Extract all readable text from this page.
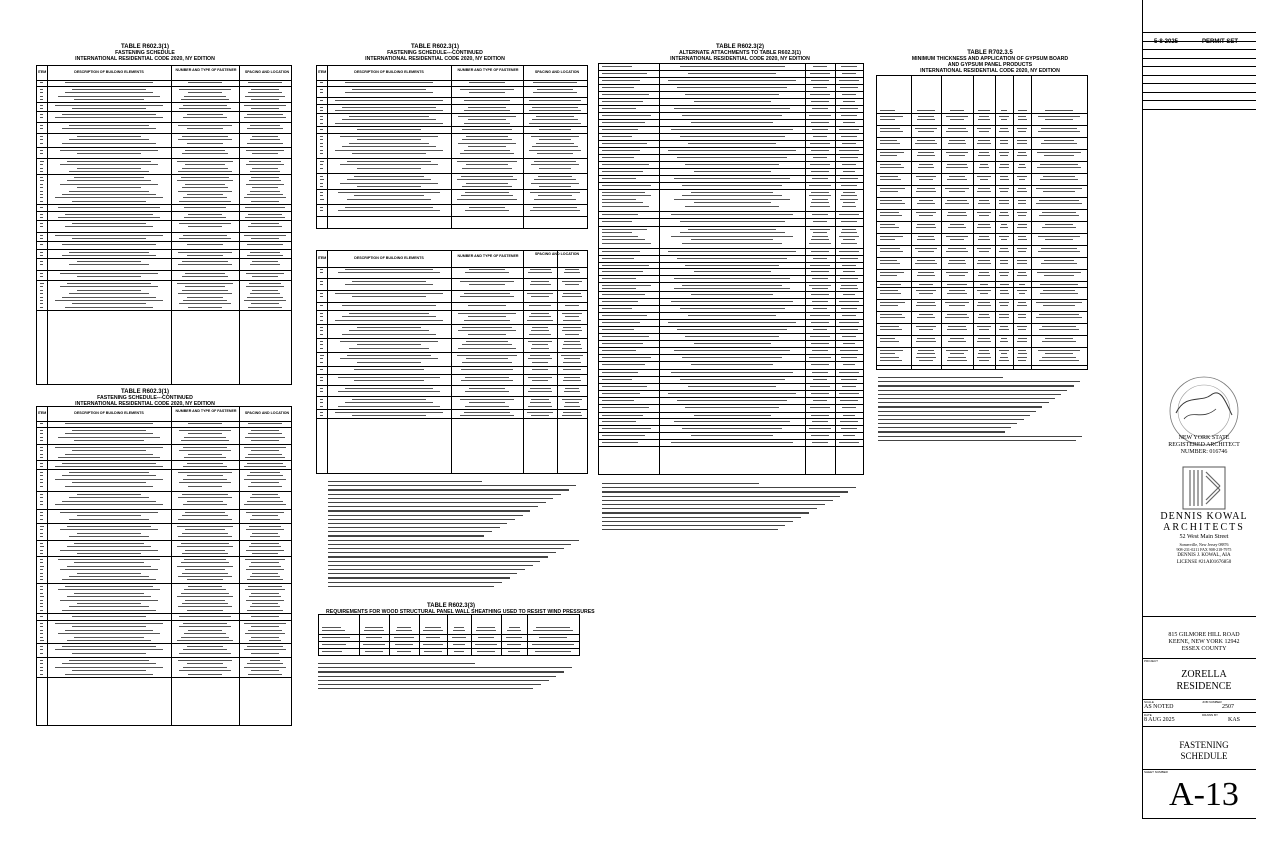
TABLE R602.3(1)
FASTENING SCHEDULE
INTERNATIONAL RESIDENTIAL CODE 2020, NY EDITION
ITEM	DESCRIPTION OF BUILDING ELEMENTS	NUMBER AND TYPE OF FASTENER	SPACING AND LOCATION
TABLE R602.3(1)
FASTENING SCHEDULE---CONTINUED
INTERNATIONAL RESIDENTIAL CODE 2020, NY EDITION
ITEM	DESCRIPTION OF BUILDING ELEMENTS	NUMBER AND TYPE OF FASTENER	SPACING AND LOCATION
TABLE R602.3(1)
FASTENING SCHEDULE---CONTINUED
INTERNATIONAL RESIDENTIAL CODE 2020, NY EDITION
ITEM	DESCRIPTION OF BUILDING ELEMENTS	NUMBER AND TYPE OF FASTENER	SPACING AND LOCATION
ITEM	DESCRIPTION OF BUILDING ELEMENTS	NUMBER AND TYPE OF FASTENER	SPACING AND LOCATION
TABLE R602.3(3)
REQUIREMENTS FOR WOOD STRUCTURAL PANEL WALL SHEATHING USED TO RESIST WIND PRESSURES
TABLE R602.3(2)
ALTERNATE ATTACHMENTS TO TABLE R602.3(1)
INTERNATIONAL RESIDENTIAL CODE 2020, NY EDITION
TABLE R702.3.5
MINIMUM THICKNESS AND APPLICATION OF GYPSUM BOARD
AND GYPSUM PANEL PRODUCTS
INTERNATIONAL RESIDENTIAL CODE 2020, NY EDITION
5-8-2025	PERMIT SET
NEW YORK STATE
REGISTERED ARCHITECT
NUMBER: 016746
DENNIS KOWAL
ARCHITECTS
52 West Main Street
Somerville, New Jersey 08876
908-231-0211 FAX 908-218-7975
DENNIS J. KOWAL, AIA
LICENSE #21AI01676850
815 GILMORE HILL ROAD
KEENE, NEW YORK 12942
ESSEX COUNTY
PROJECT
ZORELLA
RESIDENCE
SCALE	JOB NUMBER
AS NOTED	2507
DATE	DRAWN BY
8 AUG 2025	KAS
FASTENING
SCHEDULE
SHEET NUMBER
A-13
